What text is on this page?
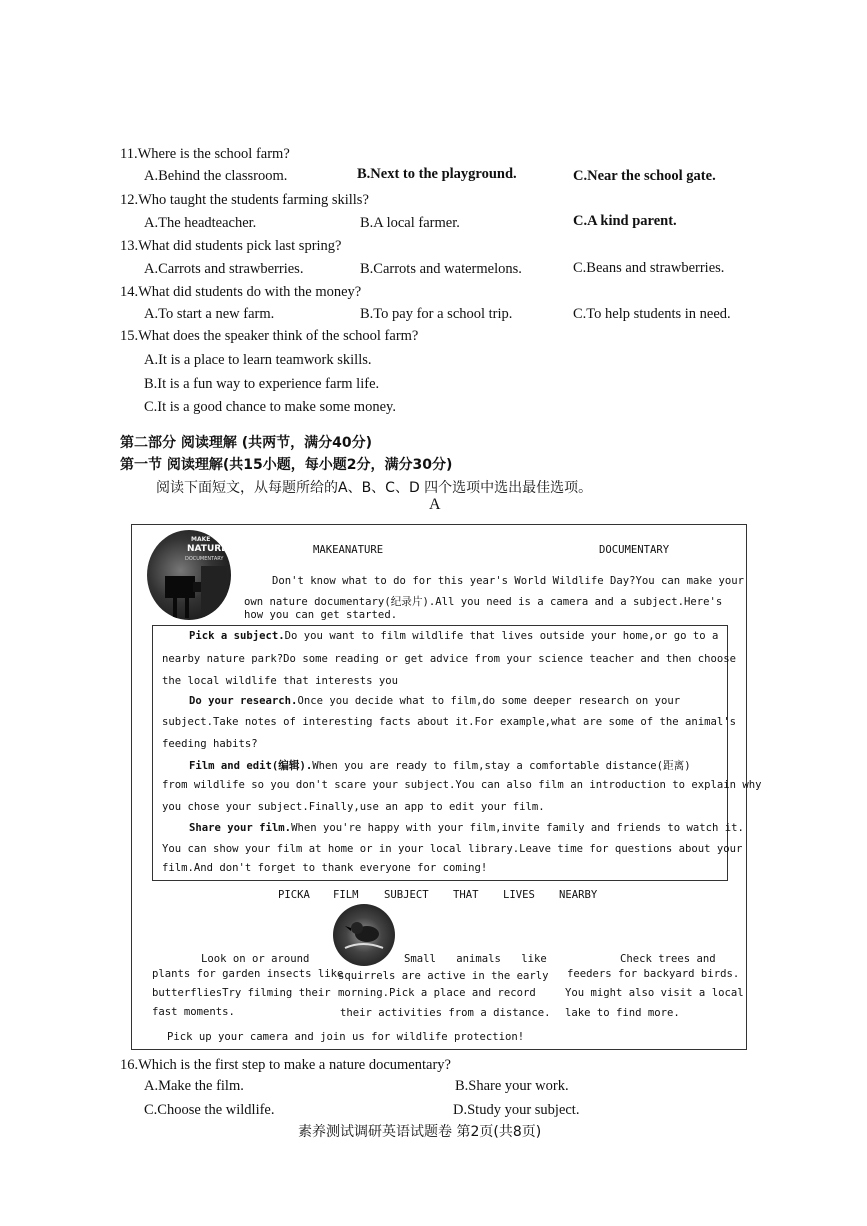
11.Where is the school farm?
A.Behind the classroom.	B.Next to the playground.	C.Near the school gate.
12.Who taught the students farming skills?
A.The headteacher.	B.A local farmer.	C.A kind parent.
13.What did students pick last spring?
A.Carrots and strawberries.	B.Carrots and watermelons.	C.Beans and strawberries.
14.What did students do with the money?
A.To start a new farm.	B.To pay for a school trip.	C.To help students in need.
15.What does the speaker think of the school farm?
A.It is a place to learn teamwork skills.
B.It is a fun way to experience farm life.
C.It is a good chance to make some money.
第二部分 阅读理解 (共两节，满分40分)
第一节 阅读理解(共15小题，每小题2分，满分30分)
阅读下面短文，从每题所给的A、B、C、D 四个选项中选出最佳选项。
A
MAKE
NATURE
DOCUMENTARY
MAKEANATURE	DOCUMENTARY
Don't know what to do for this year's World Wildlife Day?You can make your
own nature documentary(纪录片).All you need is a camera and a subject.Here's
how you can get started.
Pick a subject.Do you want to film wildlife that lives outside your home,or go to a
nearby nature park?Do some reading or get advice from your science teacher and then choose
the local wildlife that interests you
Do your research.Once you decide what to film,do some deeper research on your
subject.Take notes of interesting facts about it.For example,what are some of the animal's
feeding habits?
Film and edit(编辑).When you are ready to film,stay a comfortable distance(距离)
from wildlife so you don't scare your subject.You can also film an introduction to explain why
you chose your subject.Finally,use an app to edit your film.
Share your film.When you're happy with your film,invite family and friends to watch it.
You can show your film at home or in your local library.Leave time for questions about your
film.And don't forget to thank everyone for coming!
PICKA FILM SUBJECT THAT LIVES NEARBY
Look on or around
plants for garden insects like
butterfliesTry filming their
fast moments.
Small animals like
squirrels are active in the early
morning.Pick a place and record
their activities from a distance.
Check trees and
feeders for backyard birds.
You might also visit a local
lake to find more.
Pick up your camera and join us for wildlife protection!
16.Which is the first step to make a nature documentary?
A.Make the film.	B.Share your work.
C.Choose the wildlife.	D.Study your subject.
素养测试调研英语试题卷 第2页(共8页)
